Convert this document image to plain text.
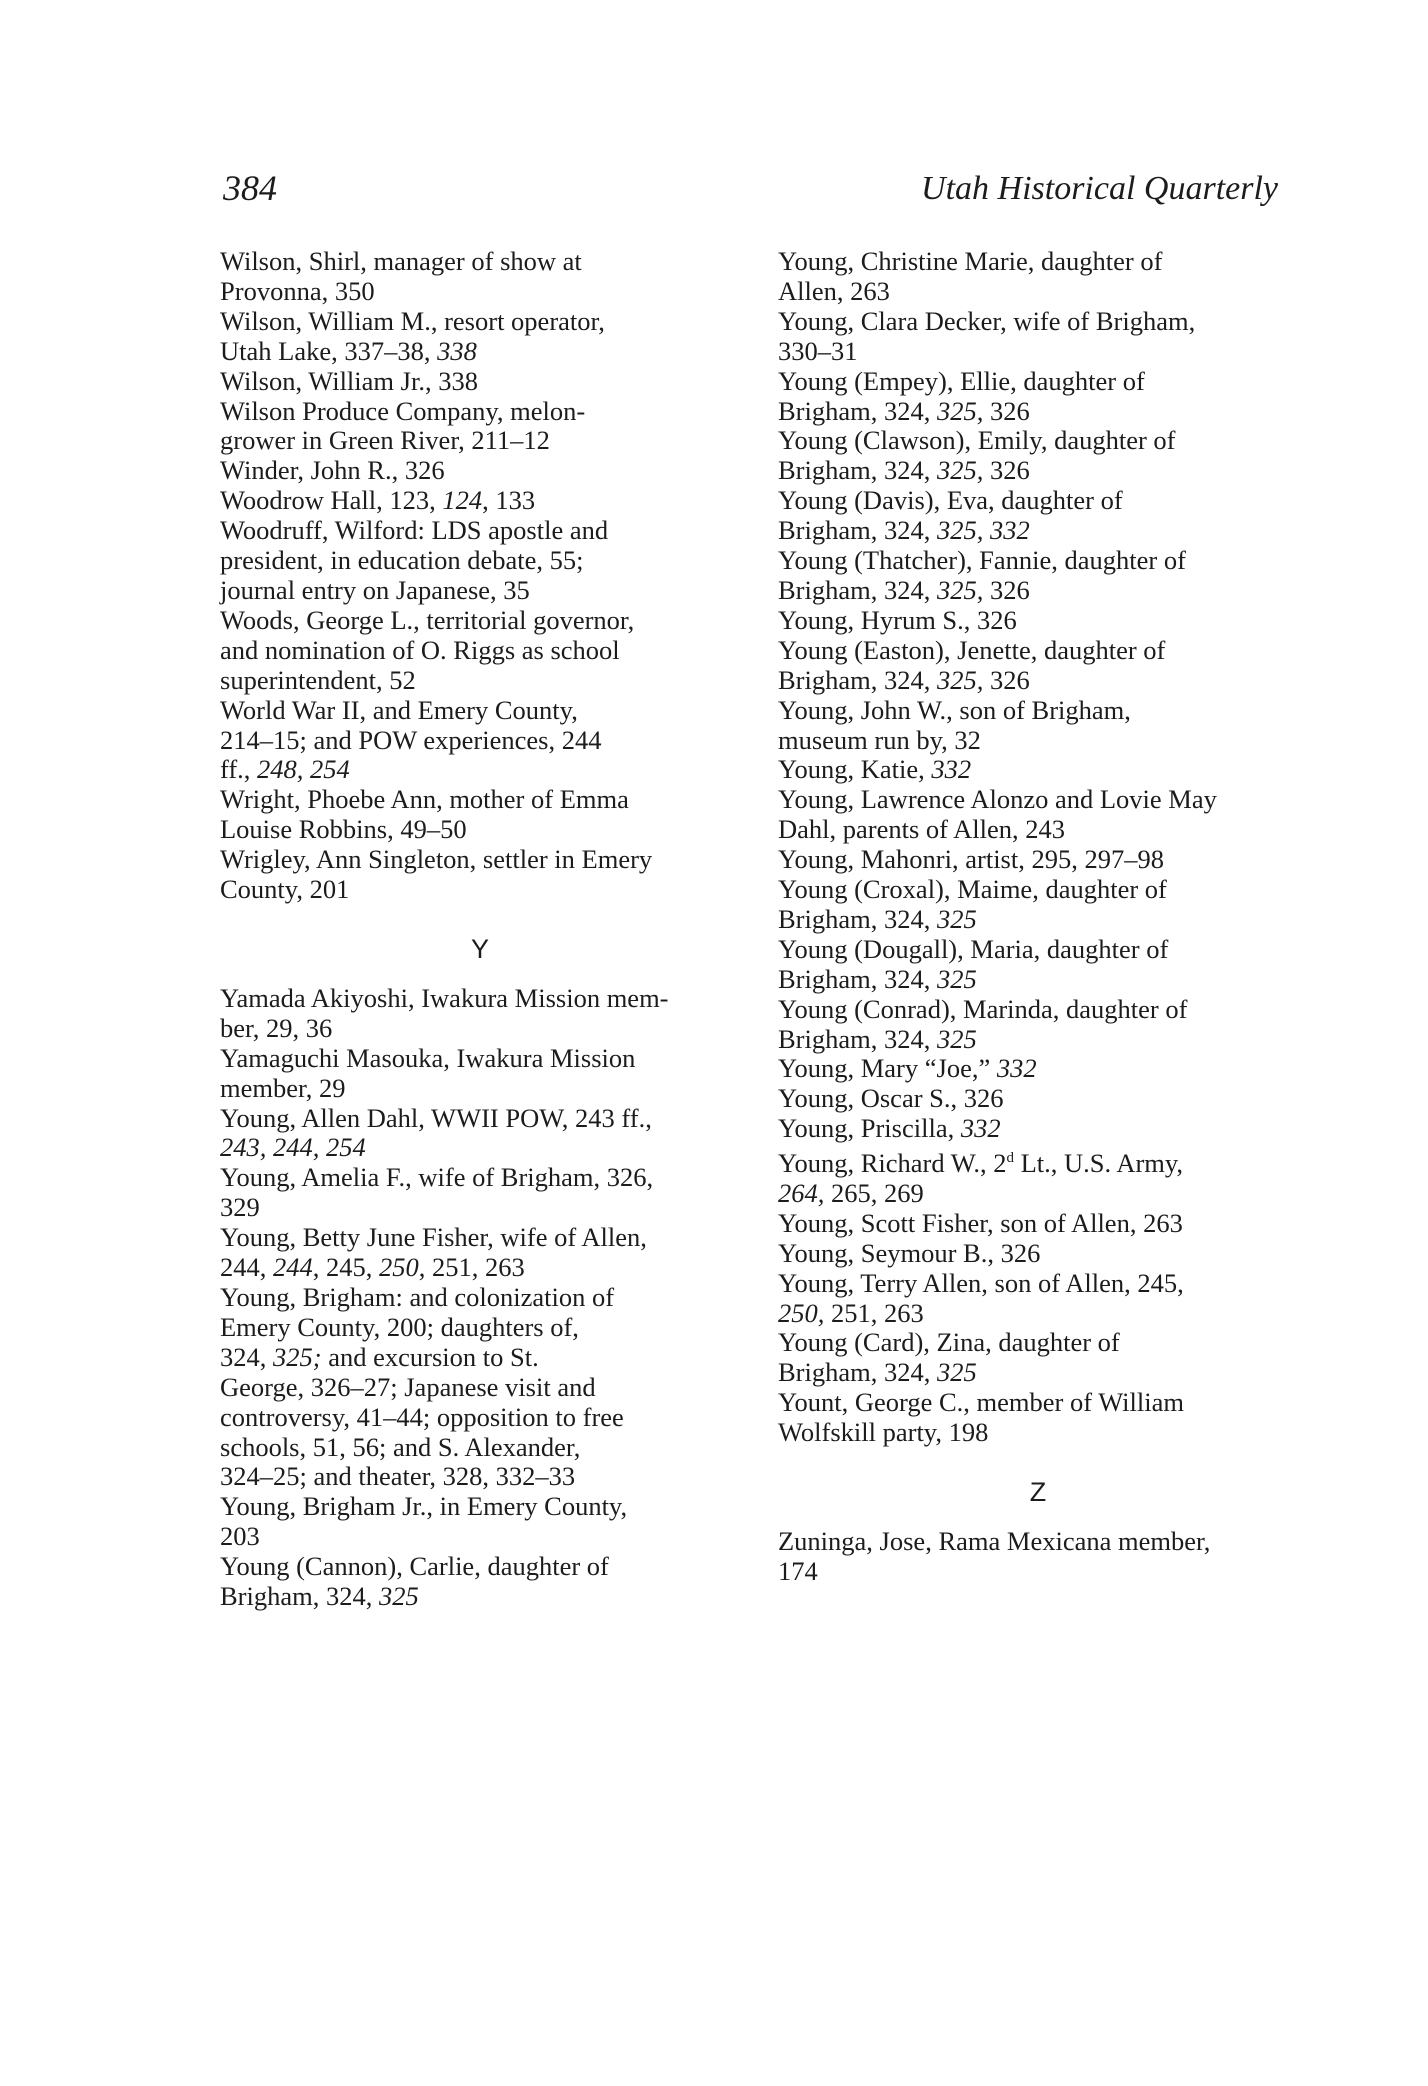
384	Utah Historical Quarterly
Wilson, Shirl, manager of show at
Provonna, 350
Wilson, William M., resort operator,
Utah Lake, 337–38, 338
Wilson, William Jr., 338
Wilson Produce Company, melon-
grower in Green River, 211–12
Winder, John R., 326
Woodrow Hall, 123, 124, 133
Woodruff, Wilford: LDS apostle and
president, in education debate, 55;
journal entry on Japanese, 35
Woods, George L., territorial governor,
and nomination of O. Riggs as school
superintendent, 52
World War II, and Emery County,
214–15; and POW experiences, 244
ff., 248, 254
Wright, Phoebe Ann, mother of Emma
Louise Robbins, 49–50
Wrigley, Ann Singleton, settler in Emery
County, 201
Y
Yamada Akiyoshi, Iwakura Mission mem-
ber, 29, 36
Yamaguchi Masouka, Iwakura Mission
member, 29
Young, Allen Dahl, WWII POW, 243 ff.,
243, 244, 254
Young, Amelia F., wife of Brigham, 326,
329
Young, Betty June Fisher, wife of Allen,
244, 244, 245, 250, 251, 263
Young, Brigham: and colonization of
Emery County, 200; daughters of,
324, 325; and excursion to St.
George, 326–27; Japanese visit and
controversy, 41–44; opposition to free
schools, 51, 56; and S. Alexander,
324–25; and theater, 328, 332–33
Young, Brigham Jr., in Emery County,
203
Young (Cannon), Carlie, daughter of
Brigham, 324, 325
Young, Christine Marie, daughter of
Allen, 263
Young, Clara Decker, wife of Brigham,
330–31
Young (Empey), Ellie, daughter of
Brigham, 324, 325, 326
Young (Clawson), Emily, daughter of
Brigham, 324, 325, 326
Young (Davis), Eva, daughter of
Brigham, 324, 325, 332
Young (Thatcher), Fannie, daughter of
Brigham, 324, 325, 326
Young, Hyrum S., 326
Young (Easton), Jenette, daughter of
Brigham, 324, 325, 326
Young, John W., son of Brigham,
museum run by, 32
Young, Katie, 332
Young, Lawrence Alonzo and Lovie May
Dahl, parents of Allen, 243
Young, Mahonri, artist, 295, 297–98
Young (Croxal), Maime, daughter of
Brigham, 324, 325
Young (Dougall), Maria, daughter of
Brigham, 324, 325
Young (Conrad), Marinda, daughter of
Brigham, 324, 325
Young, Mary “Joe,” 332
Young, Oscar S., 326
Young, Priscilla, 332
Young, Richard W., 2$^d$ Lt., U.S. Army,
264, 265, 269
Young, Scott Fisher, son of Allen, 263
Young, Seymour B., 326
Young, Terry Allen, son of Allen, 245,
250, 251, 263
Young (Card), Zina, daughter of
Brigham, 324, 325
Yount, George C., member of William
Wolfskill party, 198
Z
Zuninga, Jose, Rama Mexicana member,
174
